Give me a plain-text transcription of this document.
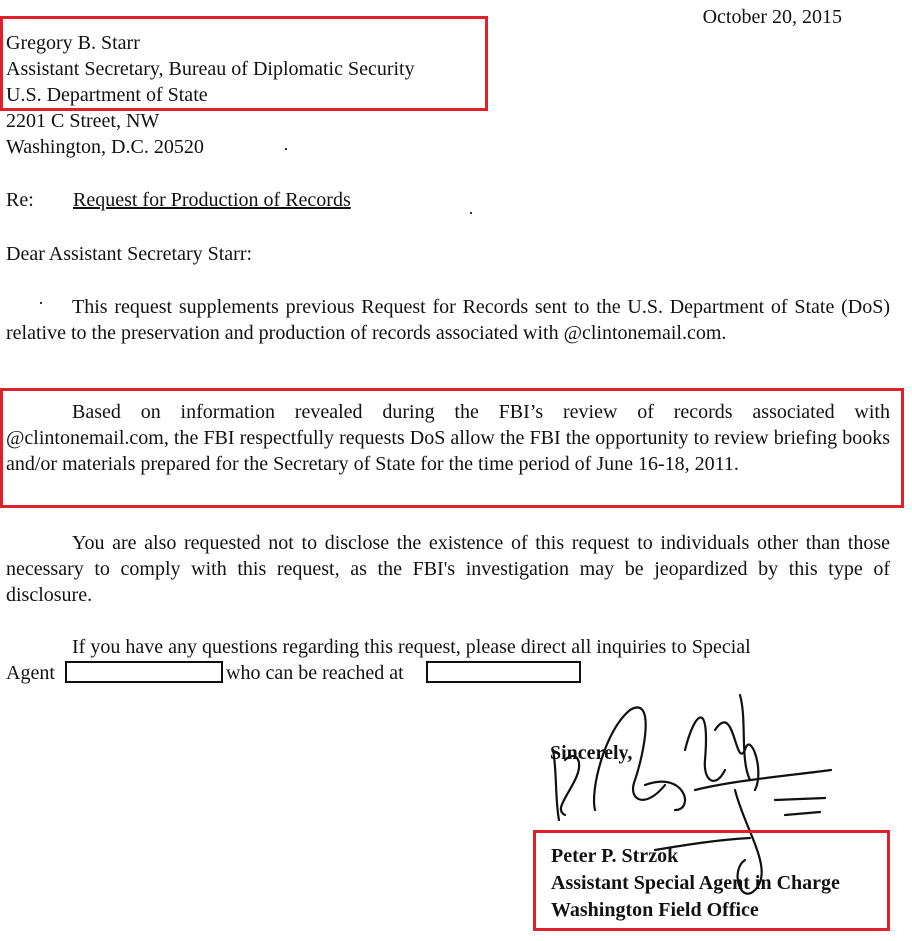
October 20, 2015
Gregory B. Starr
Assistant Secretary, Bureau of Diplomatic Security
U.S. Department of State
2201 C Street, NW
Washington, D.C. 20520
Re: Request for Production of Records
Dear Assistant Secretary Starr:
This request supplements previous Request for Records sent to the U.S. Department of State (DoS) relative to the preservation and production of records associated with @clintonemail.com.
Based on information revealed during the FBI’s review of records associated with @clintonemail.com, the FBI respectfully requests DoS allow the FBI the opportunity to review briefing books and/or materials prepared for the Secretary of State for the time period of June 16-18, 2011.
You are also requested not to disclose the existence of this request to individuals other than those necessary to comply with this request, as the FBI's investigation may be jeopardized by this type of disclosure.
If you have any questions regarding this request, please direct all inquiries to Special
Agent	who can be reached at
Sincerely,
Peter P. Strzok
Assistant Special Agent in Charge
Washington Field Office
